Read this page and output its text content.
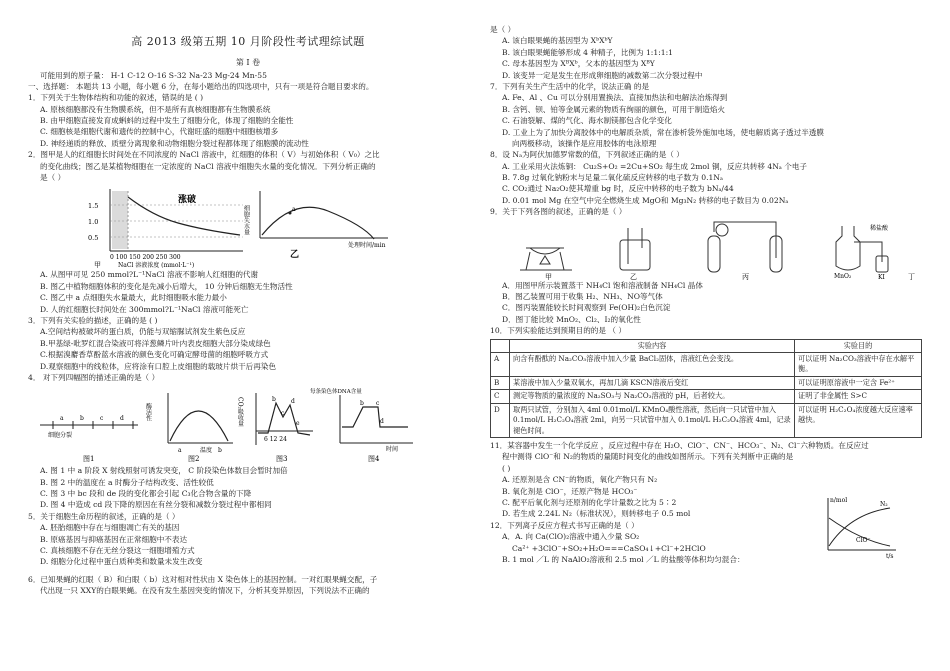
高 2013 级第五期 10 月阶段性考试理综试题
第 Ⅰ 卷
可能用到的原子量： H-1 C-12 O-16 S-32 Na-23 Mg-24 Mn-55
一、选择题： 本题共 13 小题，每小题 6 分，在每小题给出的四选项中，只有一项是符合题目要求的。
1．下列关于生物体结构和功能的叙述，错误的是 ( )
A. 原核细胞都没有生物膜系统，但不是所有真核细胞都有生物膜系统
B. 由甲细胞直接发育成蝌蚪的过程中发生了细胞分化，体现了细胞的全能性
C. 细胞核是细胞代谢和遗传的控制中心，代谢旺盛的细胞中细胞核增多
D. 神经递质的释放、质壁分离现象和动物细胞分裂过程都体现了细胞膜的流动性
2．图甲是人的红细胞长时间处在不同浓度的 NaCl 溶液中，红细胞的体积（ V）与初始体积（ V₀）之比
的变化曲线；图乙是某植物细胞在一定浓度的 NaCl 溶液中细胞失水量的变化情况．下列分析正确的
是（ ）
涨破
1.5
1.0
0.5
0 100 150 200 250 300
NaCl 溶液浓度 (mmol·L⁻¹)
甲
a
细胞失水量
处理时间/min
乙
A. 从图甲可见 250 mmol?L⁻¹NaCl 溶液不影响人红细胞的代谢
B. 图乙中植物细胞体积的变化是先减小后增大， 10 分钟后细胞无生物活性
C. 图乙中 a 点细胞失水量最大，此时细胞吸水能力最小
D. 人的红细胞长时间处在 300mmol?L⁻¹NaCl 溶液可能死亡
3．下列有关实验的描述，正确的是 ( )
A.空间结构被破坏的蛋白质，仍能与双缩脲试剂发生紫色反应
B.甲基绿-吡罗红混合染液可将洋葱鳞片叶内表皮细胞大部分染成绿色
C.根据溴麝香草酚蓝水溶液的颜色变化可确定酵母菌的细胞呼吸方式
D.观察细胞中的线粒体，应将涂有口腔上皮细胞的载玻片烘干后再染色
4． 对下列四幅图的描述正确的是（ ）
a	b	c	d
细胞分裂
图1
a	b
酶活性
温度
图2
b
c
d
e
CO₂吸收量
6 12 24
图3
b c
d
每条染色体DNA含量
时间
图4
A. 图 1 中 a 阶段 X 射线照射可诱发突变， C 阶段染色体数目会暂时加倍
B. 图 2 中的温度在 a 时酶分子结构改变、活性较低
C. 图 3 中 bc 段和 de 段的变化都会引起 C₃化合物含量的下降
D. 图 4 中造成 cd 段下降的原因在有丝分裂和减数分裂过程中都相同
5．关于细胞生命历程的叙述，正确的是（ ）
A. 胚胎细胞中存在与细胞凋亡有关的基因
B. 原癌基因与抑癌基因在正常细胞中不表达
C. 真核细胞不存在无丝分裂这一细胞增殖方式
D. 细胞分化过程中蛋白质种类和数量未发生改变
6．已知果蝇的红眼（ B）和白眼（ b）这对相对性状由 X 染色体上的基因控制。一对红眼果蝇交配，子
代出现一只 XXY的白眼果蝇。在没有发生基因突变的情况下，分析其变异原因，下列说法不正确的
是（ ）
A. 该白眼果蝇的基因型为 XᵇXᵇY
B. 该白眼果蝇能够形成 4 种精子，比例为 1:1:1:1
C. 母本基因型为 XᴮXᵇ，父本的基因型为 XᴮY
D. 该变异一定是发生在形成卵细胞的减数第二次分裂过程中
7．下列有关生产生活中的化学，说法正确 的是
A. Fe、Al 、Cu 可以分别用置换法、直接加热法和电解法冶炼得到
B. 含钙、钡、铂等金属元素的物质有绚丽的颜色，可用于制造焰火
C. 石油裂解、煤的气化、海水制镁都包含化学变化
D. 工业上为了加快分离胶体中的电解质杂质，常在渗析袋外施加电场，使电解质离子透过半透膜
向两极移动，该操作是应用胶体的电泳原理
8．设 Nₐ为阿伏加德罗常数的值，下列叙述正确的是（ ）
A. 工业采用火法炼铜： Cu₂S+O₂ =2Cu+SO₂ 每生成 2mol 铜，反应共转移 4Nₐ 个电子
B. 7.8g 过氧化钠粉末与足量二氧化硫反应转移的电子数为 0.1Nₐ
C. CO₂通过 Na₂O₂使其增重 bg 时，反应中转移的电子数为 bNₐ/44
D. 0.01 mol Mg 在空气中完全燃烧生成 MgO和 Mg₃N₂ 转移的电子数目为 0.02Nₐ
9．关于下列各图的叙述，正确的是（ ）
甲	乙	丙
稀盐酸
MnO₂	KI	丁
A．用图甲所示装置蒸干 NH₄Cl 饱和溶液制备 NH₄Cl 晶体
B．图乙装置可用于收集 H₂、NH₃、NO等气体
C．图丙装置能较长时间观察到 Fe(OH)₂白色沉淀
D．图丁能比较 MnO₂、Cl₂、I₂的氧化性
10．下列实验能达到预期目的的是 （ ）
	实验内容	实验目的
A	向含有酚酞的 Na₂CO₃溶液中加入少量 BaCl₂固体，溶液红色会变浅。	可以证明 Na₂CO₃溶液中存在水解平衡。
B	某溶液中加入少量双氧水，再加几滴 KSCN溶液后变红	可以证明原溶液中一定含 Fe²⁺
C	测定等物质的量浓度的 Na₂SO₃与 Na₂CO₃溶液的 pH，后者较大。	证明了非金属性 S>C
D	取两只试管，分别加入 4ml 0.01mol/L KMnO₄酸性溶液，然后向一只试管中加入 0.1mol/L H₂C₂O₄溶液 2ml，向另一只试管中加入 0.1mol/L H₂C₂O₄溶液 4ml，记录褪色时间。	可以证明 H₂C₂O₄浓度越大反应速率越快。
11．某容器中发生一个化学反应 ，反应过程中存在 H₂O、ClO⁻、CN⁻、HCO₃⁻、N₂、Cl⁻六种物质。在反应过
程中测得 ClO⁻和 N₂的物质的量随时间变化的曲线如图所示。下列有关判断中正确的是
( )
A. 还原剂是含 CN⁻的物质，氧化产物只有 N₂
B. 氧化剂是 ClO⁻，还原产物是 HCO₃⁻
C. 配平后氧化剂与还原剂的化学计量数之比为 5∶2
D. 若生成 2.24L N₂（标准状况），则转移电子 0.5 mol
n/mol
N₂
ClO⁻
t/s
12．下列离子反应方程式书写正确的是（ ）
A．A. 向 Ca(ClO)₂溶液中通入少量 SO₂
Ca²⁺ +3ClO⁻+SO₂+H₂O===CaSO₄↓+Cl⁻+2HClO
B. 1 mol ／L 的 NaAlO₂溶液和 2.5 mol ／L 的盐酸等体积均匀混合：
